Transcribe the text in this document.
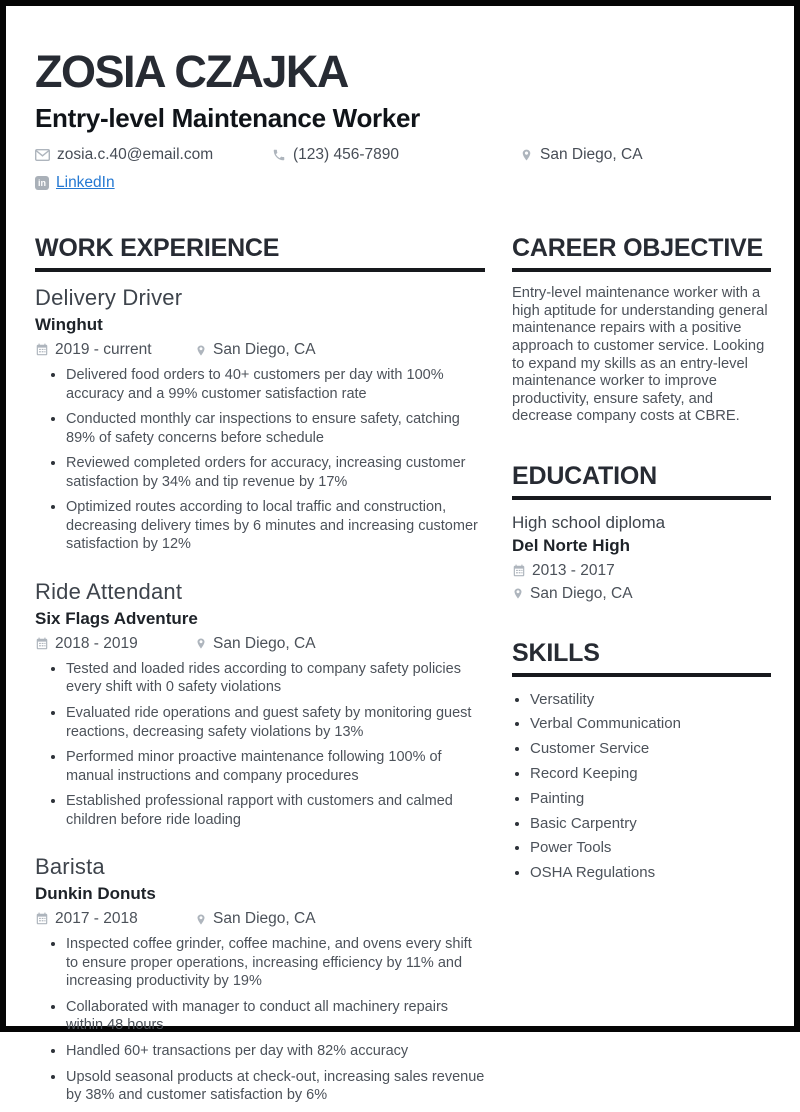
ZOSIA CZAJKA
Entry-level Maintenance Worker
zosia.c.40@email.com	(123) 456-7890	San Diego, CA
in LinkedIn
WORK EXPERIENCE
Delivery Driver
Winghut
2019 - current	San Diego, CA
• Delivered food orders to 40+ customers per day with 100% accuracy and a 99% customer satisfaction rate
• Conducted monthly car inspections to ensure safety, catching 89% of safety concerns before schedule
• Reviewed completed orders for accuracy, increasing customer satisfaction by 34% and tip revenue by 17%
• Optimized routes according to local traffic and construction, decreasing delivery times by 6 minutes and increasing customer satisfaction by 12%
Ride Attendant
Six Flags Adventure
2018 - 2019	San Diego, CA
• Tested and loaded rides according to company safety policies every shift with 0 safety violations
• Evaluated ride operations and guest safety by monitoring guest reactions, decreasing safety violations by 13%
• Performed minor proactive maintenance following 100% of manual instructions and company procedures
• Established professional rapport with customers and calmed children before ride loading
Barista
Dunkin Donuts
2017 - 2018	San Diego, CA
• Inspected coffee grinder, coffee machine, and ovens every shift to ensure proper operations, increasing efficiency by 11% and increasing productivity by 19%
• Collaborated with manager to conduct all machinery repairs within 48 hours
• Handled 60+ transactions per day with 82% accuracy
• Upsold seasonal products at check-out, increasing sales revenue by 38% and customer satisfaction by 6%
CAREER OBJECTIVE

Entry-level maintenance worker with a high aptitude for understanding general maintenance repairs with a positive approach to customer service. Looking to expand my skills as an entry-level maintenance worker to improve productivity, ensure safety, and decrease company costs at CBRE.

EDUCATION
High school diploma
Del Norte High
2013 - 2017
San Diego, CA
SKILLS
• Versatility
• Verbal Communication
• Customer Service
• Record Keeping
• Painting
• Basic Carpentry
• Power Tools
• OSHA Regulations
